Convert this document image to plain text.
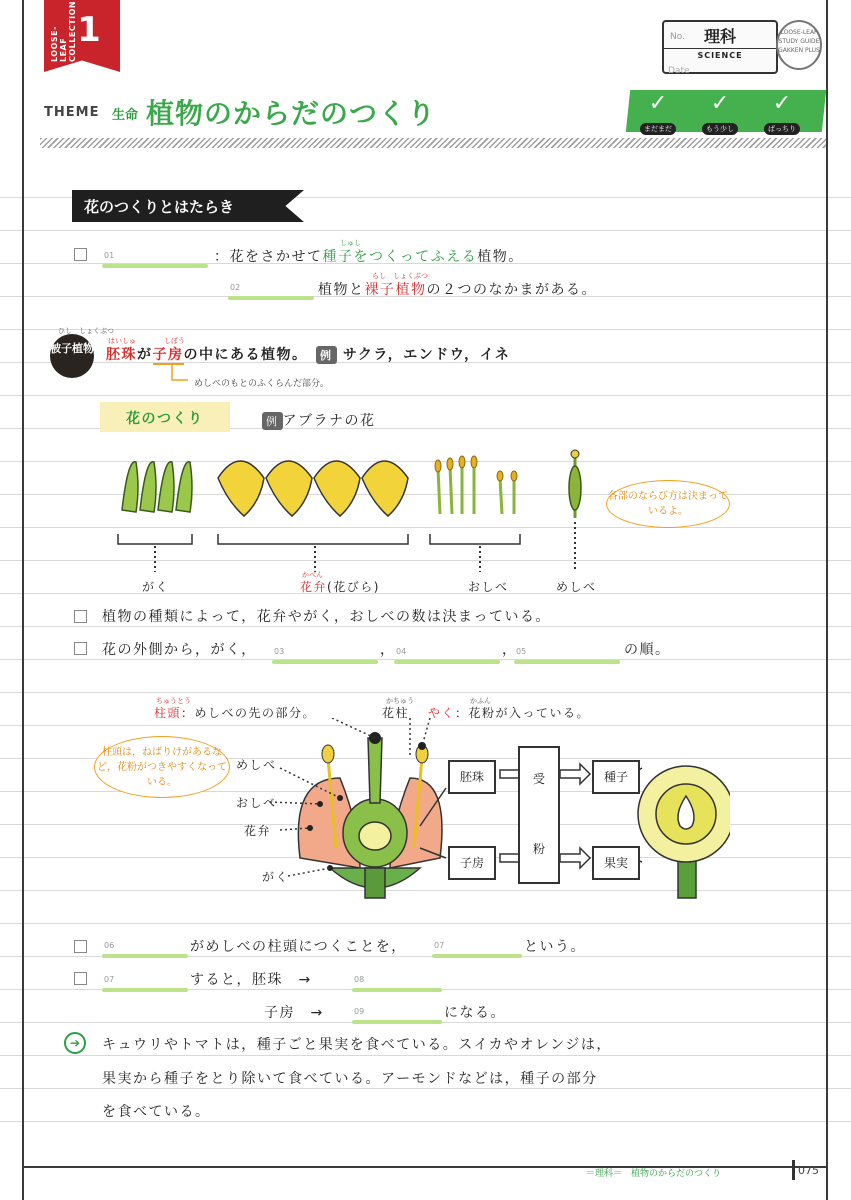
LOOSE-LEAF COLLECTION 1	No.	理科
SCIENCE
Date
LOOSE-LEAF STUDY GUIDE GAKKEN PLUS
THEME 生命 植物のからだのつくり	✓
まだまだ
✓
もう少し
✓
ばっちり
花のつくりとはたらき
01	：花をさかせて種子をつくってふえる植物。
しゅし
02	植物と裸子植物の２つのなかまがある。
らし　しょくぶつ
被子植物
ひし　しょくぶつ
はいしゅ	しぼう
胚珠が子房の中にある植物。　 例 サクラ，エンドウ，イネ
めしべのもとのふくらんだ部分。
花のつくり	例 アブラナの花
各部のならび方は決まっているよ。
がく
かべん
花弁(花びら)	おしべ	めしべ
植物の種類によって，花弁やがく，おしべの数は決まっている。
花の外側から，がく， 03	， 04	，
05	の順。
ちゅうとう
柱頭：めしべの先の部分。
かちゅう
花柱
かふん
やく：花粉が入っている。
柱頭は，ねばりけがあるなど，花粉がつきやすくなっている。
めしべ
おしべ
花弁
がく
胚珠
子房
受
粉
種子
果実
06	がめしべの柱頭につくことを，	07	という。
07	すると，胚珠　→	08
子房　→	09	になる。
➔	キュウリやトマトは，種子ごと果実を食べている。スイカやオレンジは，
果実から種子をとり除いて食べている。アーモンドなどは，種子の部分
を食べている。
＝理科＝　植物のからだのつくり	075
